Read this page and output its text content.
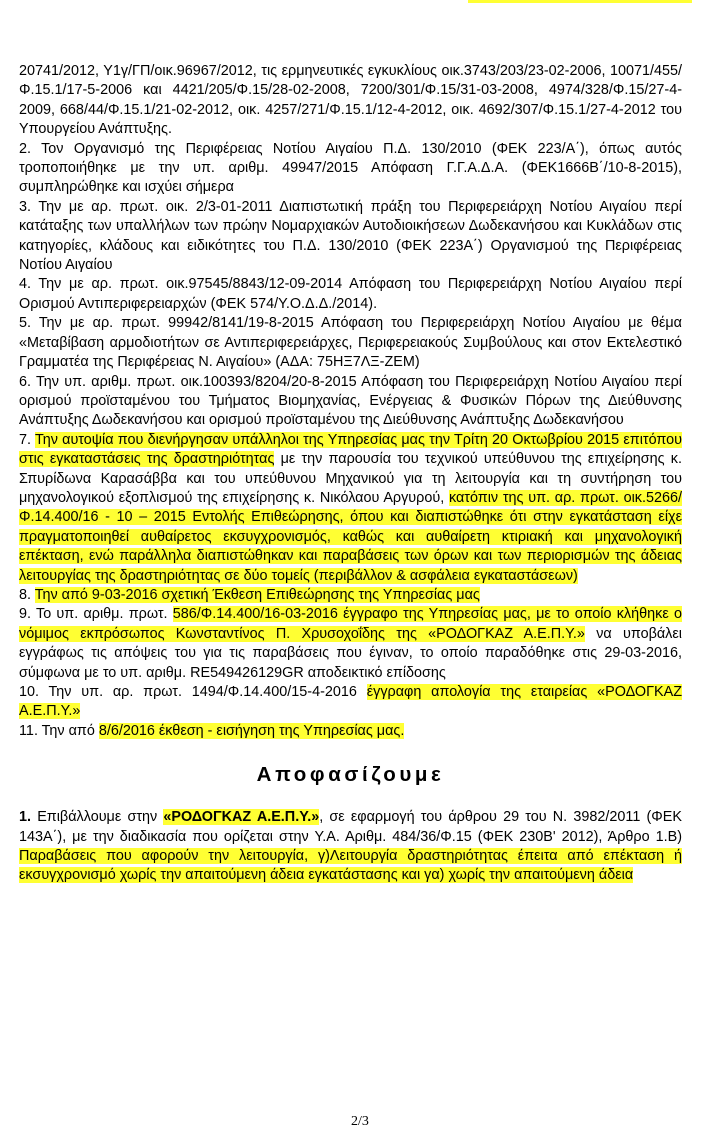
20741/2012, Υ1γ/ΓΠ/οικ.96967/2012, τις ερμηνευτικές εγκυκλίους οικ.3743/203/23-02-2006, 10071/455/Φ.15.1/17-5-2006 και 4421/205/Φ.15/28-02-2008, 7200/301/Φ.15/31-03-2008, 4974/328/Φ.15/27-4-2009, 668/44/Φ.15.1/21-02-2012, οικ. 4257/271/Φ.15.1/12-4-2012, οικ. 4692/307/Φ.15.1/27-4-2012 του Υπουργείου Ανάπτυξης.

2. Τον Οργανισμό της Περιφέρειας Νοτίου Αιγαίου Π.Δ. 130/2010 (ΦΕΚ 223/Α΄), όπως αυτός τροποποιήθηκε με την υπ. αριθμ. 49947/2015 Απόφαση Γ.Γ.Α.Δ.Α. (ΦΕΚ1666Β΄/10-8-2015), συμπληρώθηκε και ισχύει σήμερα

3. Την με αρ. πρωτ. οικ. 2/3-01-2011 Διαπιστωτική πράξη του Περιφερειάρχη Νοτίου Αιγαίου περί κατάταξης των υπαλλήλων των πρώην Νομαρχιακών Αυτοδιοικήσεων Δωδεκανήσου και Κυκλάδων στις κατηγορίες, κλάδους και ειδικότητες του Π.Δ. 130/2010 (ΦΕΚ 223Α΄) Οργανισμού της Περιφέρειας Νοτίου Αιγαίου

4. Την με αρ. πρωτ. οικ.97545/8843/12-09-2014 Απόφαση του Περιφερειάρχη Νοτίου Αιγαίου περί Ορισμού Αντιπεριφερειαρχών (ΦΕΚ 574/Υ.Ο.Δ.Δ./2014).

5. Την με αρ. πρωτ. 99942/8141/19-8-2015 Απόφαση του Περιφερειάρχη Νοτίου Αιγαίου με θέμα «Μεταβίβαση αρμοδιοτήτων σε Αντιπεριφερειάρχες, Περιφερειακούς Συμβούλους και στον Εκτελεστικό Γραμματέα της Περιφέρειας Ν. Αιγαίου» (ΑΔΑ: 75ΗΞ7ΛΞ-ΖΕΜ)

6. Την υπ. αριθμ. πρωτ. οικ.100393/8204/20-8-2015 Απόφαση του Περιφερειάρχη Νοτίου Αιγαίου περί ορισμού προϊσταμένου του Τμήματος Βιομηχανίας, Ενέργειας & Φυσικών Πόρων της Διεύθυνσης Ανάπτυξης Δωδεκανήσου και ορισμού προϊσταμένου της Διεύθυνσης Ανάπτυξης Δωδεκανήσου

7. Την αυτοψία που διενήργησαν υπάλληλοι της Υπηρεσίας μας την Τρίτη 20 Οκτωβρίου 2015 επιτόπου στις εγκαταστάσεις της δραστηριότητας με την παρουσία του τεχνικού υπεύθυνου της επιχείρησης κ. Σπυρίδωνα Καρασάββα και του υπεύθυνου Μηχανικού για τη λειτουργία και τη συντήρηση του μηχανολογικού εξοπλισμού της επιχείρησης κ. Νικόλαου Αργυρού, κατόπιν της υπ. αρ. πρωτ. οικ.5266/Φ.14.400/16 - 10 – 2015 Εντολής Επιθεώρησης, όπου και διαπιστώθηκε ότι στην εγκατάσταση είχε πραγματοποιηθεί αυθαίρετος εκσυγχρονισμός, καθώς και αυθαίρετη κτιριακή και μηχανολογική επέκταση, ενώ παράλληλα διαπιστώθηκαν και παραβάσεις των όρων και των περιορισμών της άδειας λειτουργίας της δραστηριότητας σε δύο τομείς (περιβάλλον & ασφάλεια εγκαταστάσεων)

8. Την από 9-03-2016 σχετική Έκθεση Επιθεώρησης της Υπηρεσίας μας

9. Το υπ. αριθμ. πρωτ. 586/Φ.14.400/16-03-2016 έγγραφο της Υπηρεσίας μας, με το οποίο κλήθηκε ο νόμιμος εκπρόσωπος Κωνσταντίνος Π. Χρυσοχοΐδης της «ΡΟΔΟΓΚΑΖ Α.Ε.Π.Υ.» να υποβάλει εγγράφως τις απόψεις του για τις παραβάσεις που έγιναν, το οποίο παραδόθηκε στις 29-03-2016, σύμφωνα με το υπ. αριθμ. RE549426129GR αποδεικτικό επίδοσης

10. Την υπ. αρ. πρωτ. 1494/Φ.14.400/15-4-2016 έγγραφη απολογία της εταιρείας «ΡΟΔΟΓΚΑΖ Α.Ε.Π.Υ.»

11. Την από 8/6/2016 έκθεση - εισήγηση της Υπηρεσίας μας.

Αποφασίζουμε
1. Επιβάλλουμε στην «ΡΟΔΟΓΚΑΖ Α.Ε.Π.Υ.», σε εφαρμογή του άρθρου 29 του Ν. 3982/2011 (ΦΕΚ 143Α΄), με την διαδικασία που ορίζεται στην Υ.Α. Αριθμ. 484/36/Φ.15 (ΦΕΚ 230Β' 2012), Άρθρο 1.Β) Παραβάσεις που αφορούν την λειτουργία, γ)Λειτουργία δραστηριότητας έπειτα από επέκταση ή εκσυγχρονισμό χωρίς την απαιτούμενη άδεια εγκατάστασης και γα) χωρίς την απαιτούμενη άδεια
2/3
